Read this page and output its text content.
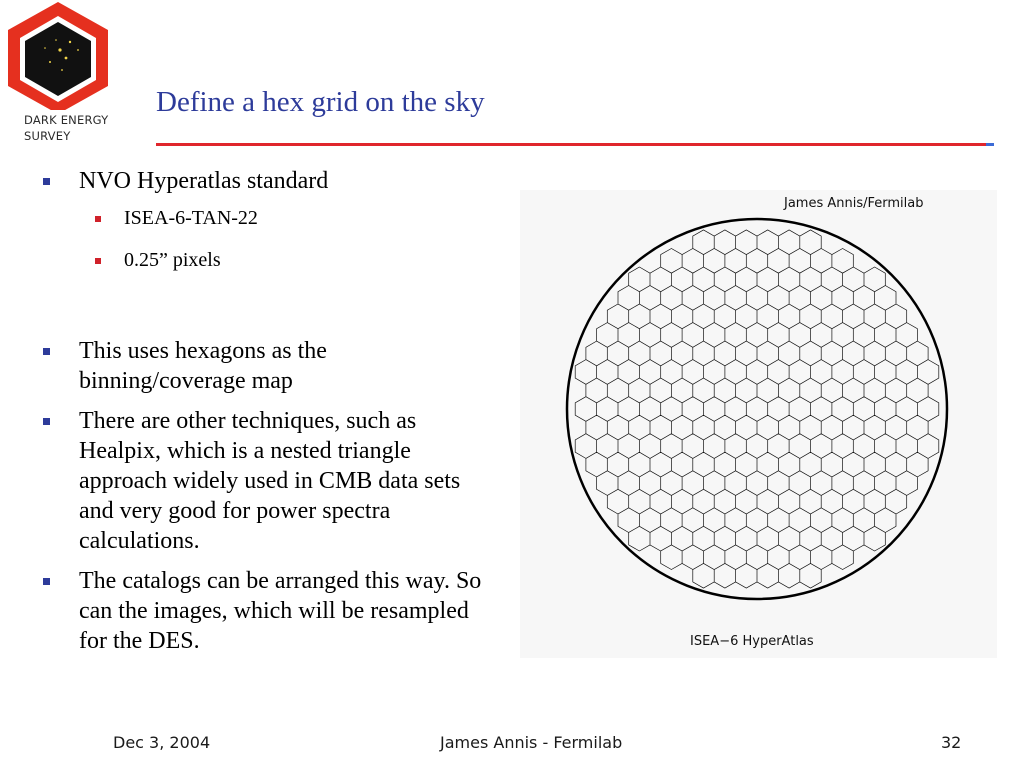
DARK ENERGY
SURVEY
Define a hex grid on the sky
NVO Hyperatlas standard
ISEA-6-TAN-22
0.25” pixels
This uses hexagons as the binning/coverage map
There are other techniques, such as Healpix, which is a nested triangle approach widely used in CMB data sets and very good for power spectra calculations.
The catalogs can be arranged this way. So can the images, which will be resampled for the DES.
James Annis/Fermilab
ISEA−6 HyperAtlas
Dec 3, 2004	James Annis - Fermilab	32
